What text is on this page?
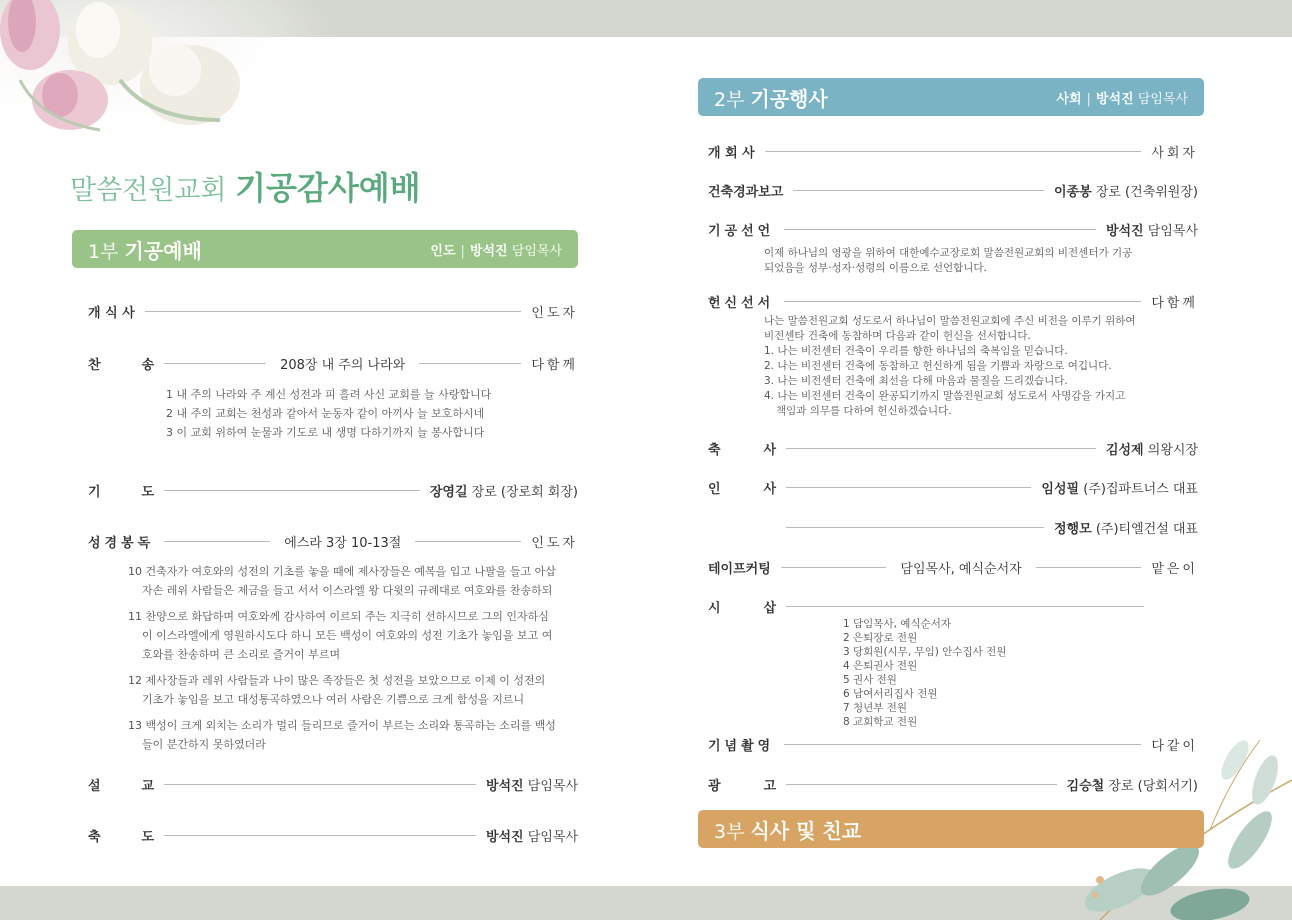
말씀전원교회 기공감사예배
1부 기공예배	인도 | 방석진 담임목사
개 식 사	인도자
찬	송	208장 내 주의 나라와	다함께
1 내 주의 나라와 주 계신 성전과 피 흘려 사신 교회를 늘 사랑합니다
2 내 주의 교회는 천성과 같아서 눈동자 같이 아끼사 늘 보호하시네
3 이 교회 위하여 눈물과 기도로 내 생명 다하기까지 늘 봉사합니다
기	도	장영길 장로 (장로회 회장)
성경봉독	에스라 3장 10-13절	인도자
10 건축자가 여호와의 성전의 기초를 놓을 때에 제사장들은 예복을 입고 나팔을 들고 아삽
자손 레위 사람들은 제금을 들고 서서 이스라엘 왕 다윗의 규례대로 여호와를 찬송하되
11 찬양으로 화답하며 여호와께 감사하여 이르되 주는 지극히 선하시므로 그의 인자하심
이 이스라엘에게 영원하시도다 하니 모든 백성이 여호와의 성전 기초가 놓임을 보고 여
호와를 찬송하며 큰 소리로 즐거이 부르며
12 제사장들과 레위 사람들과 나이 많은 족장들은 첫 성전을 보았으므로 이제 이 성전의
기초가 놓임을 보고 대성통곡하였으나 여러 사람은 기쁨으로 크게 함성을 지르니
13 백성이 크게 외치는 소리가 멀리 들리므로 즐거이 부르는 소리와 통곡하는 소리를 백성
들이 분간하지 못하였더라
설	교	방석진 담임목사
축	도	방석진 담임목사
2부 기공행사	사회 | 방석진 담임목사
개 회 사	사회자
건축경과보고	이종봉 장로 (건축위원장)
기공선언	방석진 담임목사
이제 하나님의 영광을 위하여 대한예수교장로회 말씀전원교회의 비전센터가 기공
되었음을 성부·성자·성령의 이름으로 선언합니다.
헌신선서	다함께
나는 말씀전원교회 성도로서 하나님이 말씀전원교회에 주신 비전을 이루기 위하여
비전센타 건축에 동참하며 다음과 같이 헌신을 선서합니다.
1. 나는 비전센터 건축이 우리를 향한 하나님의 축복임을 믿습니다.
2. 나는 비전센터 건축에 동참하고 헌신하게 됨을 기쁨과 자랑으로 여깁니다.
3. 나는 비전센터 건축에 최선을 다해 마음과 물질을 드리겠습니다.
4. 나는 비전센터 건축이 완공되기까지 말씀전원교회 성도로서 사명감을 가지고
책임과 의무를 다하여 헌신하겠습니다.
축	사	김성제 의왕시장
인	사	임성필 (주)집파트너스 대표
정행모 (주)티엘건설 대표
테이프커팅	담임목사, 예식순서자	맡은이
시	삽
1 담임목사, 예식순서자
2 은퇴장로 전원
3 당회원(시무, 무임) 안수집사 전원
4 은퇴권사 전원
5 권사 전원
6 남여서리집사 전원
7 청년부 전원
8 교회학교 전원
기념촬영	다같이
광	고	김승철 장로 (당회서기)
3부 식사 및 친교
